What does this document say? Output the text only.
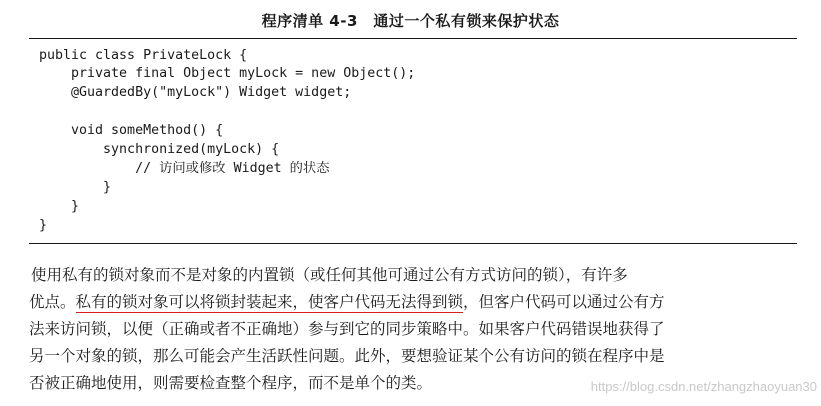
程序清单 4-3　通过一个私有锁来保护状态
public class PrivateLock {
private final Object myLock = new Object();
@GuardedBy("myLock") Widget widget;
void someMethod() {
synchronized(myLock) {
// 访问或修改 Widget 的状态
}
}
}
使用私有的锁对象而不是对象的内置锁（或任何其他可通过公有方式访问的锁），有许多
优点。私有的锁对象可以将锁封装起来，使客户代码无法得到锁，但客户代码可以通过公有方
法来访问锁，以便（正确或者不正确地）参与到它的同步策略中。如果客户代码错误地获得了
另一个对象的锁，那么可能会产生活跃性问题。此外，要想验证某个公有访问的锁在程序中是
否被正确地使用，则需要检查整个程序，而不是单个的类。	https://blog.csdn.net/zhangzhaoyuan30
